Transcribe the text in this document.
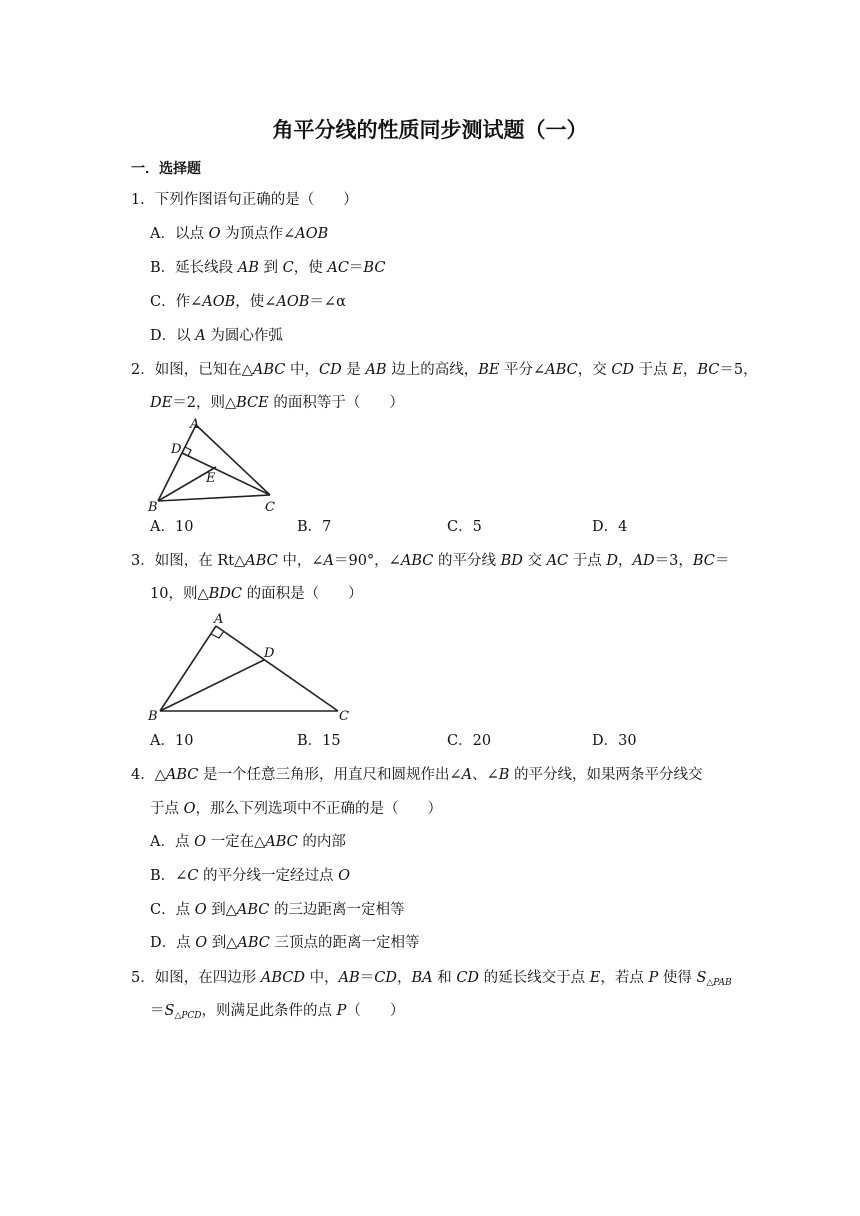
角平分线的性质同步测试题（一）
一．选择题
1．下列作图语句正确的是（　　）
A．以点 O 为顶点作∠AOB
B．延长线段 AB 到 C，使 AC＝BC
C．作∠AOB，使∠AOB＝∠α
D．以 A 为圆心作弧
2．如图，已知在△ABC 中，CD 是 AB 边上的高线，BE 平分∠ABC，交 CD 于点 E，BC＝5，
DE＝2，则△BCE 的面积等于（　　）
A
D
E
B	C
A．10	B．7	C．5	D．4
3．如图，在 Rt△ABC 中，∠A＝90°，∠ABC 的平分线 BD 交 AC 于点 D，AD＝3，BC＝
10，则△BDC 的面积是（　　）
A
D
B	C
A．10	B．15	C．20	D．30
4．△ABC 是一个任意三角形，用直尺和圆规作出∠A、∠B 的平分线，如果两条平分线交
于点 O，那么下列选项中不正确的是（　　）
A．点 O 一定在△ABC 的内部
B．∠C 的平分线一定经过点 O
C．点 O 到△ABC 的三边距离一定相等
D．点 O 到△ABC 三顶点的距离一定相等
5．如图，在四边形 ABCD 中，AB＝CD，BA 和 CD 的延长线交于点 E，若点 P 使得 $S_{\triangle PAB}$
$=S_{\triangle PCD}$，则满足此条件的点 P（　　）
